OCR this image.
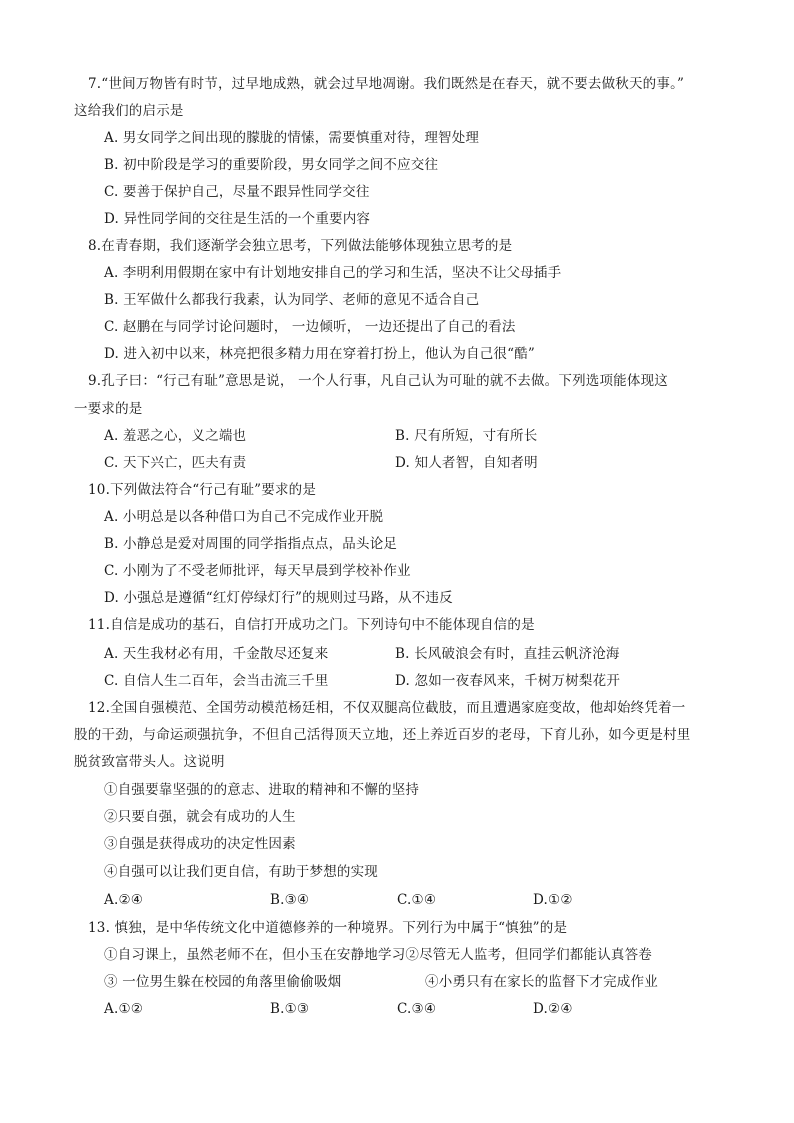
7.“世间万物皆有时节，过早地成熟，就会过早地凋谢。我们既然是在春天，就不要去做秋天的事。”
这给我们的启示是
A. 男女同学之间出现的朦胧的情愫，需要慎重对待，理智处理
B. 初中阶段是学习的重要阶段，男女同学之间不应交往
C. 要善于保护自己，尽量不跟异性同学交往
D. 异性同学间的交往是生活的一个重要内容
8.在青春期，我们逐渐学会独立思考，下列做法能够体现独立思考的是
A. 李明利用假期在家中有计划地安排自己的学习和生活，坚决不让父母插手
B. 王军做什么都我行我素，认为同学、老师的意见不适合自己
C. 赵鹏在与同学讨论问题时， 一边倾听， 一边还提出了自己的看法
D. 进入初中以来，林亮把很多精力用在穿着打扮上，他认为自己很“酷”
9.孔子曰：“行己有耻”意思是说， 一个人行事，凡自己认为可耻的就不去做。下列选项能体现这
一要求的是
A. 羞恶之心，义之端也	B. 尺有所短，寸有所长
C. 天下兴亡，匹夫有责	D. 知人者智，自知者明
10.下列做法符合“行己有耻”要求的是
A. 小明总是以各种借口为自己不完成作业开脱
B. 小静总是爱对周围的同学指指点点，品头论足
C. 小刚为了不受老师批评，每天早晨到学校补作业
D. 小强总是遵循“红灯停绿灯行”的规则过马路，从不违反
11.自信是成功的基石，自信打开成功之门。下列诗句中不能体现自信的是
A. 天生我材必有用，千金散尽还复来	B. 长风破浪会有时，直挂云帆济沧海
C. 自信人生二百年，会当击流三千里	D. 忽如一夜春风来，千树万树梨花开
12.全国自强模范、全国劳动模范杨廷相，不仅双腿高位截肢，而且遭遇家庭变故，他却始终凭着一
股的干劲，与命运顽强抗争，不但自己活得顶天立地，还上养近百岁的老母，下育儿孙，如今更是村里
脱贫致富带头人。这说明
①自强要靠坚强的的意志、进取的精神和不懈的坚持
②只要自强，就会有成功的人生
③自强是获得成功的决定性因素
④自强可以让我们更自信，有助于梦想的实现
A.②④	B.③④	C.①④	D.①②
13. 慎独，是中华传统文化中道德修养的一种境界。下列行为中属于“慎独”的是
①自习课上，虽然老师不在，但小玉在安静地学习②尽管无人监考，但同学们都能认真答卷
③ 一位男生躲在校园的角落里偷偷吸烟	④小勇只有在家长的监督下才完成作业
A.①②	B.①③	C.③④	D.②④
